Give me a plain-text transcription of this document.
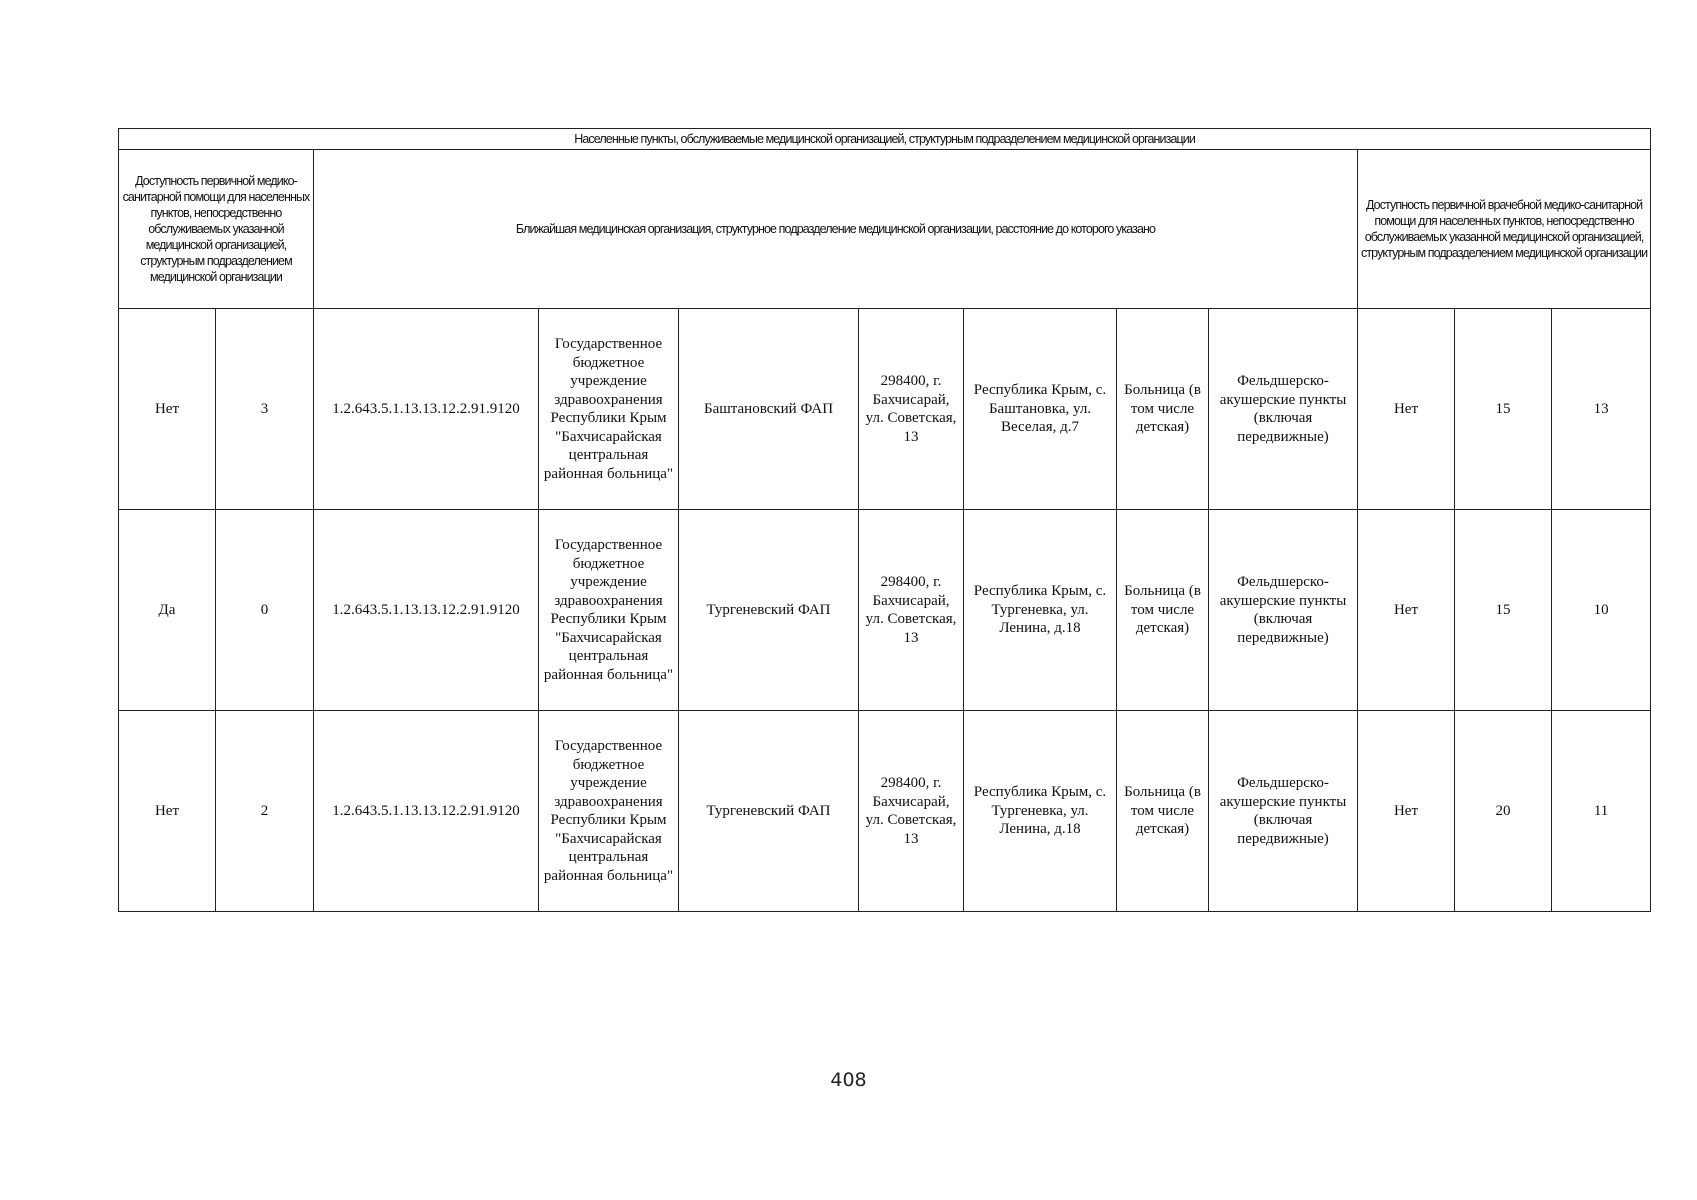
Населенные пункты, обслуживаемые медицинской организацией, структурным подразделением медицинской организации											
Доступность первичной медико-санитарной помощи для населенных пунктов, непосредственно обслуживаемых указанной медицинской организацией, структурным подразделением медицинской организации		Ближайшая медицинская организация, структурное подразделение медицинской организации, расстояние до которого указано							Доступность первичной врачебной медико-санитарной помощи для населенных пунктов, непосредственно обслуживаемых указанной медицинской организацией, структурным подразделением медицинской организации		
Нет	3	1.2.643.5.1.13.13.12.2.91.9120	Государственное бюджетное учреждение здравоохранения Республики Крым "Бахчисарайская центральная районная больница"	Баштановский ФАП	298400, г. Бахчисарай, ул. Советская, 13	Республика Крым, с. Баштановка, ул. Веселая, д.7	Больница (в том числе детская)	Фельдшерско-акушерские пункты (включая передвижные)	Нет	15	13
Да	0	1.2.643.5.1.13.13.12.2.91.9120	Государственное бюджетное учреждение здравоохранения Республики Крым "Бахчисарайская центральная районная больница"	Тургеневский ФАП	298400, г. Бахчисарай, ул. Советская, 13	Республика Крым, с. Тургеневка, ул. Ленина, д.18	Больница (в том числе детская)	Фельдшерско-акушерские пункты (включая передвижные)	Нет	15	10
Нет	2	1.2.643.5.1.13.13.12.2.91.9120	Государственное бюджетное учреждение здравоохранения Республики Крым "Бахчисарайская центральная районная больница"	Тургеневский ФАП	298400, г. Бахчисарай, ул. Советская, 13	Республика Крым, с. Тургеневка, ул. Ленина, д.18	Больница (в том числе детская)	Фельдшерско-акушерские пункты (включая передвижные)	Нет	20	11
408
